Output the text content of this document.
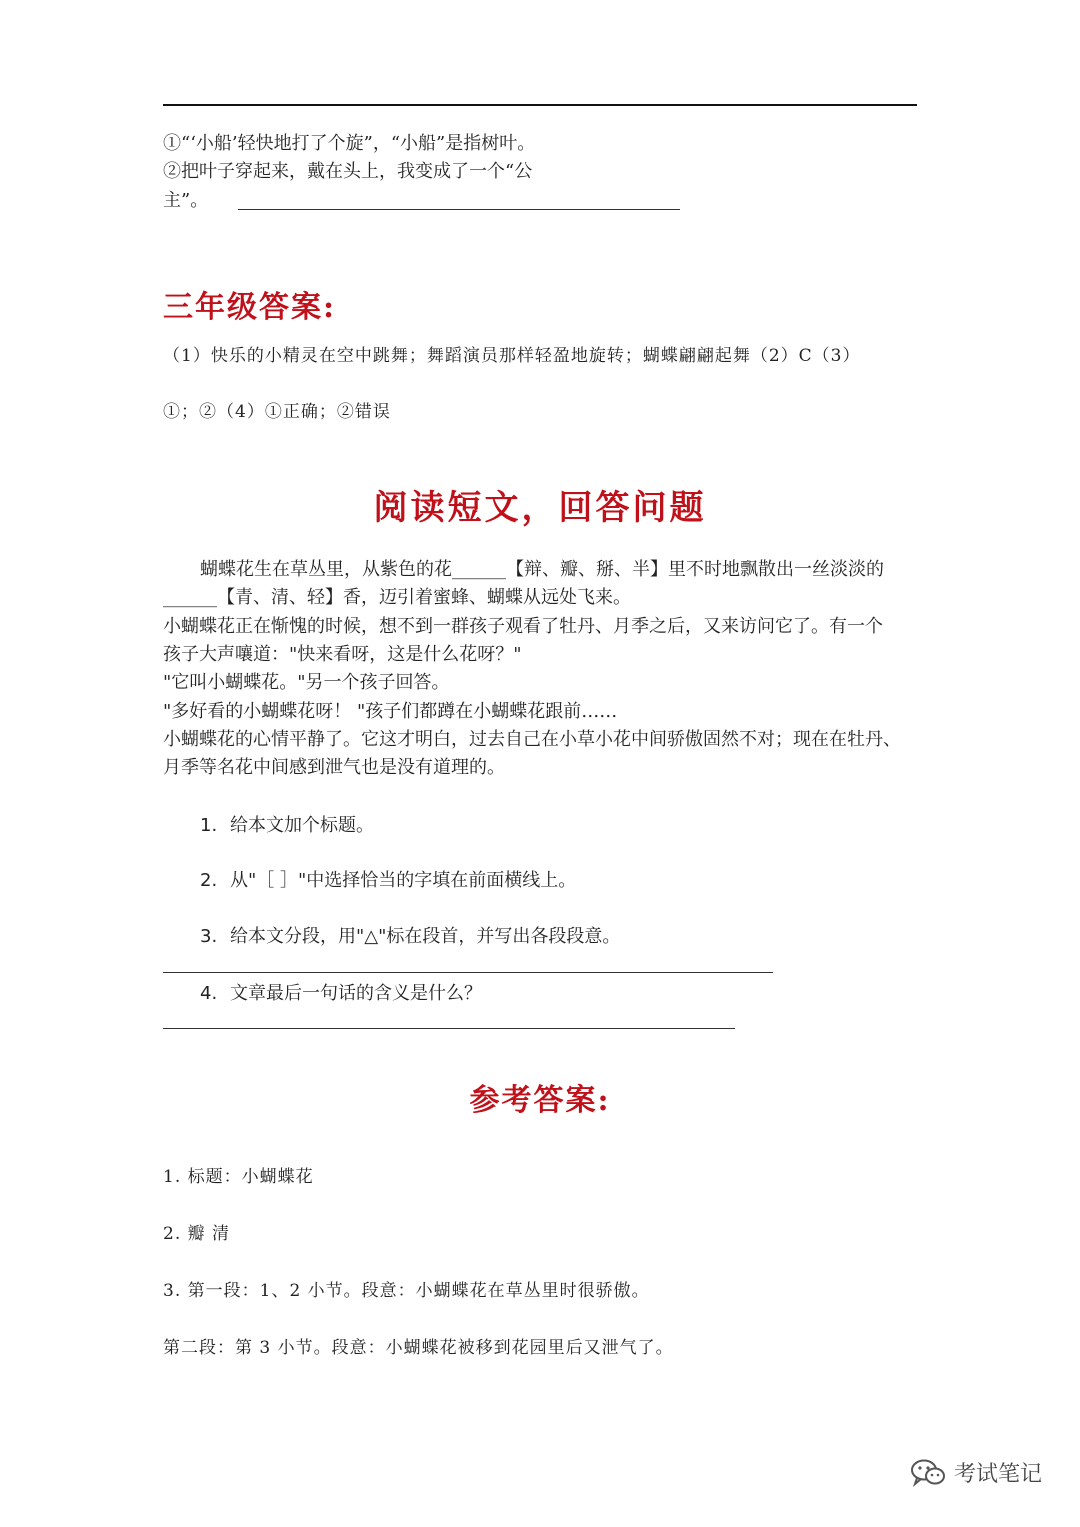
①“‘小船’轻快地打了个旋”，“小船”是指树叶。
②把叶子穿起来，戴在头上，我变成了一个“公
主”。
三年级答案:
（1）快乐的小精灵在空中跳舞；舞蹈演员那样轻盈地旋转；蝴蝶翩翩起舞（2）C（3）
①；②（4）①正确；②错误
阅读短文，回答问题
蝴蝶花生在草丛里，从紫色的花______【辩、瓣、掰、半】里不时地飘散出一丝淡淡的
______【青、清、轻】香，迈引着蜜蜂、蝴蝶从远处飞来。
小蝴蝶花正在惭愧的时候，想不到一群孩子观看了牡丹、月季之后，又来访问它了。有一个
孩子大声嚷道："快来看呀，这是什么花呀？"
"它叫小蝴蝶花。"另一个孩子回答。
"多好看的小蝴蝶花呀！ "孩子们都蹲在小蝴蝶花跟前……
小蝴蝶花的心情平静了。它这才明白，过去自己在小草小花中间骄傲固然不对；现在在牡丹、
月季等名花中间感到泄气也是没有道理的。
1. 给本文加个标题。
2. 从"［ ］"中选择恰当的字填在前面横线上。
3. 给本文分段，用"△"标在段首，并写出各段段意。
4. 文章最后一句话的含义是什么？
参考答案:
1. 标题：小蝴蝶花
2. 瓣 清
3. 第一段：1、2 小节。段意：小蝴蝶花在草丛里时很骄傲。
第二段：第 3 小节。段意：小蝴蝶花被移到花园里后又泄气了。
考试笔记
